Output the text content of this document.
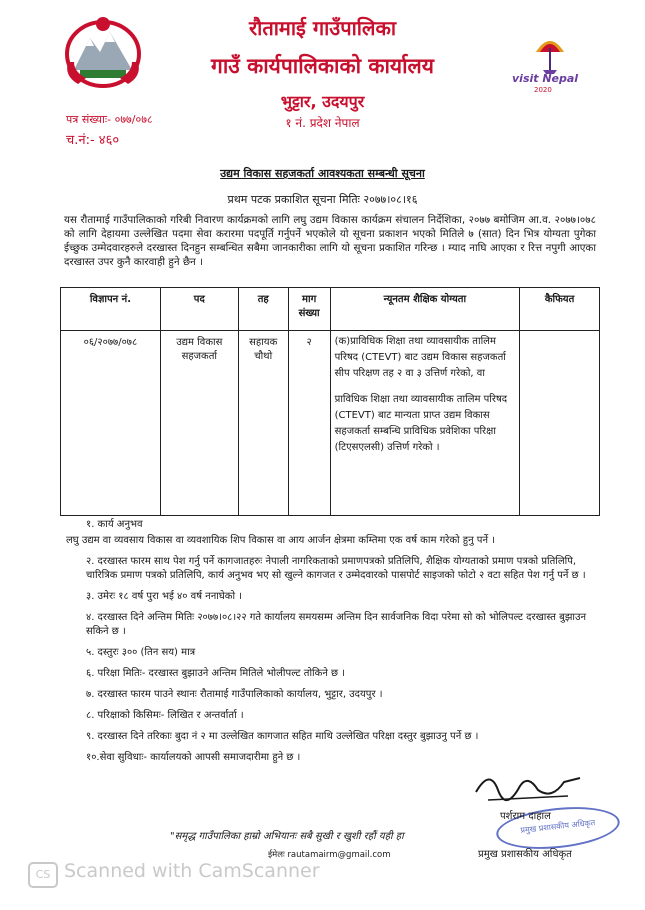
visit Nepal
2020
रौतामाई गाउँपालिका
गाउँ कार्यपालिकाको कार्यालय
भुट्टार, उदयपुर
१ नं. प्रदेश नेपाल
पत्र संख्याः- ०७७/०७८
च.नं:- ४६०
उद्यम विकास सहजकर्ता आवश्यकता सम्बन्धी सूचना
प्रथम पटक प्रकाशित सूचना मितिः २०७७।०८।१६
यस रौतामाई गाउँपालिकाको गरिबी निवारण कार्यक्रमको लागि लघु उद्यम विकास कार्यक्रम संचालन निर्देशिका, २०७७ बमोजिम आ.व. २०७७।०७८ को लागि देहायमा उल्लेखित पदमा सेवा करारमा पदपूर्ति गर्नुपर्ने भएकोले यो सूचना प्रकाशन भएको मितिले ७ (सात) दिन भित्र योग्यता पुगेका ईच्छुक उम्मेदवारहरुले दरखास्त दिनहुन सम्बन्धित सबैमा जानकारीका लागि यो सूचना प्रकाशित गरिन्छ । म्याद नाघि आएका र रित्त नपुगी आएका दरखास्त उपर कुनै कारवाही हुने छैन ।
विज्ञापन नं.	पद	तह	माग संख्या	न्यूनतम शैक्षिक योग्यता	कैफियत
०६/२०७७/०७८	उद्यम विकास सहजकर्ता	सहायक चौथो	२	(क)प्राविधिक शिक्षा तथा व्यावसायीक तालिम परिषद (CTEVT) बाट उद्यम विकास सहजकर्ता सीप परिक्षण तह २ वा ३ उत्तिर्ण गरेको, वा

प्राविधिक शिक्षा तथा व्यावसायीक तालिम परिषद (CTEVT) बाट मान्यता प्राप्त उद्यम विकास सहजकर्ता सम्बन्धि प्राविधिक प्रवेशिका परिक्षा (टिएसएलसी) उत्तिर्ण गरेको ।	

१. कार्य अनुभव
लघु उद्यम वा व्यवसाय विकास वा व्यवशायिक शिप विकास वा आय आर्जन क्षेत्रमा कम्तिमा एक वर्ष काम गरेको हुनु पर्ने ।
२. दरखास्त फारम साथ पेश गर्नु पर्ने कागजातहरुः नेपाली नागरिकताको प्रमाणपत्रको प्रतिलिपि, शैक्षिक योग्यताको प्रमाण पत्रको प्रतिलिपि, चारित्रिक प्रमाण पत्रको प्रतिलिपि, कार्य अनुभव भए सो खुल्ने कागजत र उम्मेदवारको पासपोर्ट साइजको फोटो २ वटा सहित पेश गर्नु पर्ने छ ।
३. उमेरः १८ वर्ष पुरा भई ४० वर्ष ननाघेको ।
४. दरखास्त दिने अन्तिम मितिः २०७७।०८।२२ गते कार्यालय समयसम्म अन्तिम दिन सार्वजनिक विदा परेमा सो को भोलिपल्ट दरखास्त बुझाउन सकिने छ ।
५. दस्तुरः ३०० (तिन सय) मात्र
६. परिक्षा मितिः- दरखास्त बुझाउने अन्तिम मितिले भोलीपल्ट तोकिने छ ।
७. दरखास्त फारम पाउने स्थानः रौतामाई गाउँपालिकाको कार्यालय, भुट्टार, उदयपुर ।
८. परिक्षाको किसिमः- लिखित र अन्तर्वार्ता ।
९. दरखास्त दिने तरिकाः बुदा नं २ मा उल्लेखित कागजात सहित माथि उल्लेखित परिक्षा दस्तुर बुझाउनु पर्ने छ ।
१०.सेवा सुविधाः- कार्यालयको आपसी समाजदारीमा हुने छ ।
प्रमुख प्रशासकीय अधिकृत
पर्शराम दाहाल
प्रमुख प्रशासकीय अधिकृत
"समृद्ध गाउँपालिका हाम्रो अभियानः सबै सुखी र खुशी रहौं यही हा
ईमेलः rautamairm@gmail.com
CS Scanned with CamScanner
